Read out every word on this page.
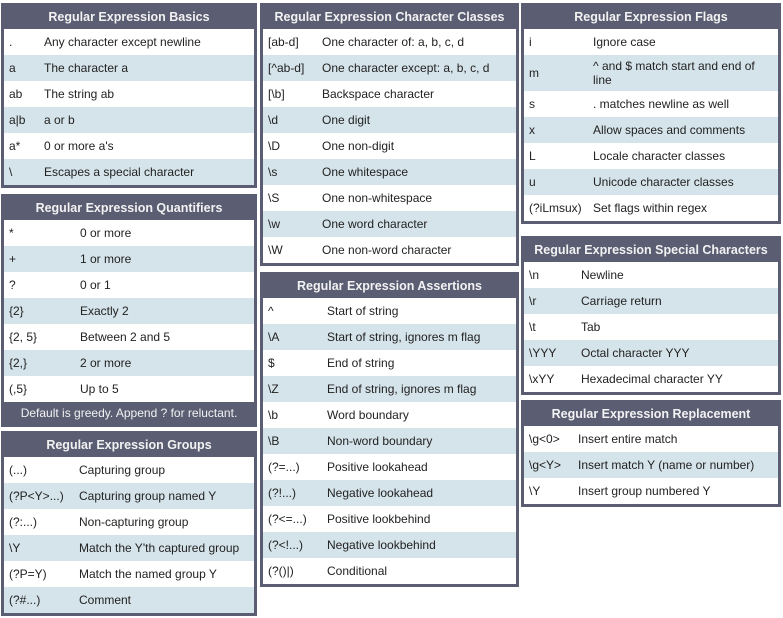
Regular Expression Basics
.	Any character except newline
a	The character a
ab	The string ab
a|b	a or b
a*	0 or more a's
\	Escapes a special character
Regular Expression Quantifiers
*	0 or more
+	1 or more
?	0 or 1
{2}	Exactly 2
{2, 5}	Between 2 and 5
{2,}	2 or more
(,5}	Up to 5
Default is greedy. Append ? for reluctant.
Regular Expression Groups
(...)	Capturing group
(?P<Y>...)	Capturing group named Y
(?:...)	Non-capturing group
\Y	Match the Y'th captured group
(?P=Y)	Match the named group Y
(?#...)	Comment
Regular Expression Character Classes
[ab-d]	One character of: a, b, c, d
[^ab-d]	One character except: a, b, c, d
[\b]	Backspace character
\d	One digit
\D	One non-digit
\s	One whitespace
\S	One non-whitespace
\w	One word character
\W	One non-word character
Regular Expression Assertions
^	Start of string
\A	Start of string, ignores m flag
$	End of string
\Z	End of string, ignores m flag
\b	Word boundary
\B	Non-word boundary
(?=...)	Positive lookahead
(?!...)	Negative lookahead
(?<=...)	Positive lookbehind
(?<!...)	Negative lookbehind
(?()|)	Conditional
Regular Expression Flags
i	Ignore case
m	^ and $ match start and end of line
s	. matches newline as well
x	Allow spaces and comments
L	Locale character classes
u	Unicode character classes
(?iLmsux)	Set flags within regex
Regular Expression Special Characters
\n	Newline
\r	Carriage return
\t	Tab
\YYY	Octal character YYY
\xYY	Hexadecimal character YY
Regular Expression Replacement
\g<0>	Insert entire match
\g<Y>	Insert match Y (name or number)
\Y	Insert group numbered Y
